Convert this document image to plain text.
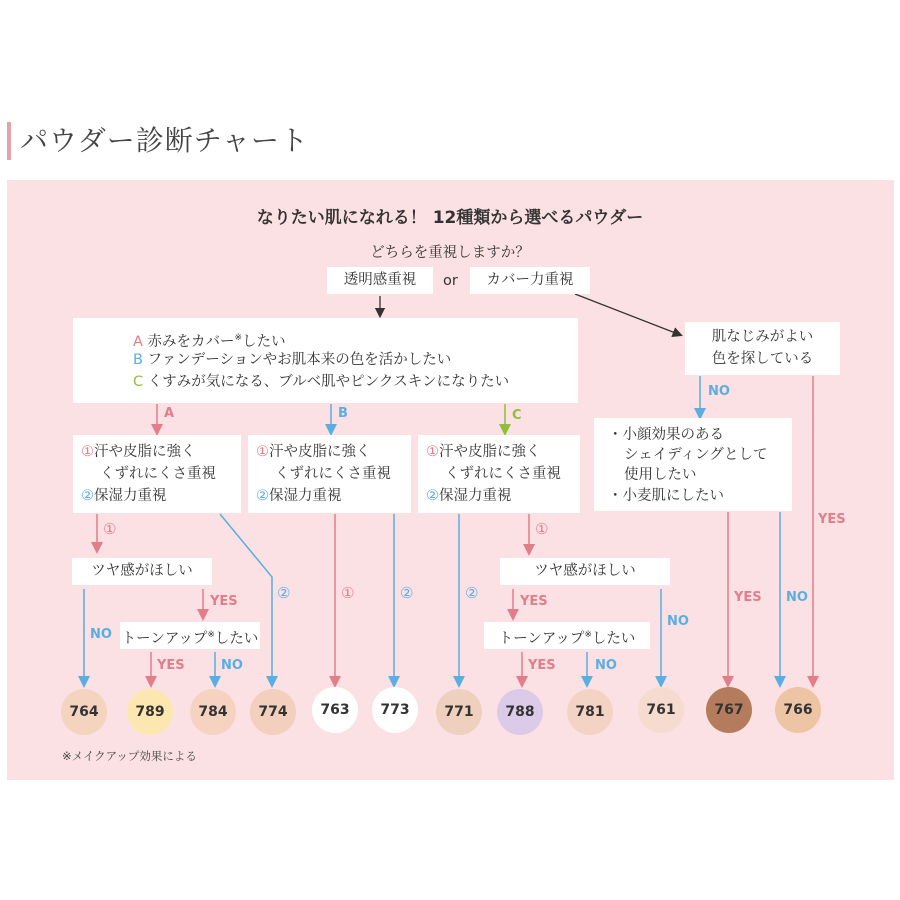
パウダー診断チャート
なりたい肌になれる！ 12種類から選べるパウダー
どちらを重視しますか？
透明感重視	or	カバー力重視
A 赤みをカバー※したい
B ファンデーションやお肌本来の色を活かしたい
C くすみが気になる、ブルベ肌やピンクスキンになりたい
A	B	C
①汗や皮脂に強く
くずれにくさ重視
②保湿力重視
①汗や皮脂に強く
くずれにくさ重視
②保湿力重視
①汗や皮脂に強く
くずれにくさ重視
②保湿力重視
肌なじみがよい
色を探している
NO
YES
・小顔効果のある
シェイディングとして
使用したい
・小麦肌にしたい
YES NO
①
②
ツヤ感がほしい
NO
YES
トーンアップ※したい
YES	NO
①	②	②
①
ツヤ感がほしい
YES
NO
トーンアップ※したい
YES	NO
764	789 784 774 763 773 771 788	781	761	767	766
※メイクアップ効果による
